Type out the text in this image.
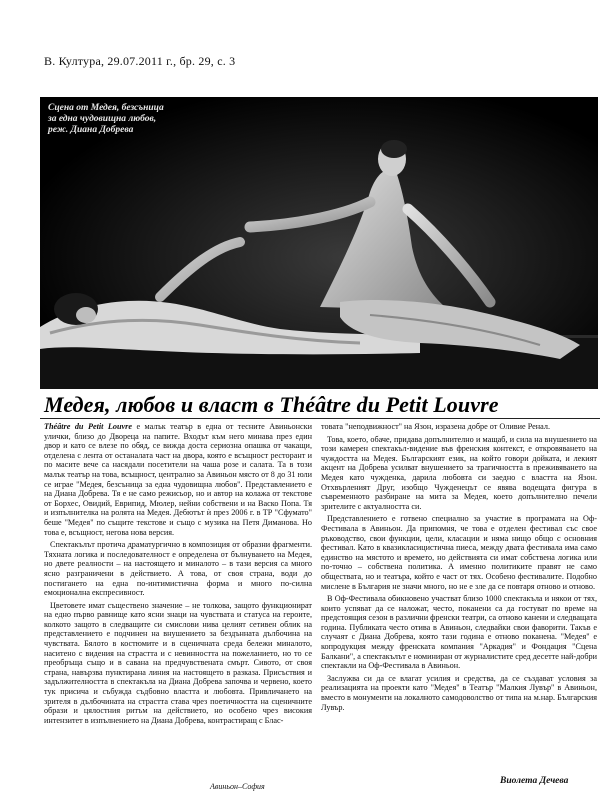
В. Култура, 29.07.2011 г., бр. 29, с. 3
Сцена от Медея, безсъница
за една чудовищна любов,
реж. Диана Добрева
Медея, любов и власт в Théâtre du Petit Louvre

Théâtre du Petit Louvre е малък театър в една от тесните Авиньонски улички, близо до Двореца на папите. Входът към него минава през един двор и като се влезе по обяд, се вижда доста сериозна опашка от чакащи, отделена с лента от останалата част на двора, която е всъщност ресторант и по масите вече са насядали посетители на чаша розе и салата. Та в този малък театър на това, всъщност, централно за Авиньон място от 8 до 31 юли се играе "Медея, безсъница за една чудовищна любов". Представлението е на Диана Добрева. Тя е не само режисьор, но и автор на колажа от текстове от Борхес, Овидий, Еврипид, Мюлер, нейни собствени и на Васко Попа. Тя и изпълнителка на ролята на Медея. Дебютът ѝ през 2006 г. в ТР "Сфумато" беше "Медея" по същите текстове и също с музика на Петя Диманова. Но това е, всъщност, негова нова версия.

Спектакълът протича драматургично в композиция от образни фрагменти. Тяхната логика и последователност е определена от бълнуването на Медея, но двете реалности – на настоящето и миналото – в тази версия са много ясно разграничени в действието. А това, от своя страна, води до постигането на една по-интимистична форма и много по-силна емоционална експресивност.

Цветовете имат съществено значение – не толкова, защото функционират на едно първо равнище като ясни знаци на чувствата и статуса на героите, колкото защото в следващите си смислови нива целият сетивен облик на представлението е подчинен на внушението за бездънната дълбочина на чувствата. Бялото в костюмите и в сценичната среда бележи миналото, наситено с видения на страстта и с невинността на пожеланието, но то се преобръща също и в савана на предчувствената смърт. Сивото, от своя страна, навързва пунктирана линия на настоящето в разказа. Присъствия и задължителността в спектакъла на Диана Добрева започва и червено, което тук присича и събужда съдбовно властта и любовта. Привличането на зрителя в дълбочината на страстта става чрез поетичността на сценичните образи и цялостния ритъм на действието, но особено чрез високия интензитет в изпълнението на Диана Добрева, контрастиращ с Блас-

товата "неподвижност" на Язон, изразена добре от Оливие Ренал.

Това, което, обаче, придава допълнително и мащаб, и сила на внушението на този камерен спектакъл-видение във френския контекст, е откровяването на чуждостта на Медея. Българският език, на който говори дойката, и лекият акцент на Добрева усилват внушението за трагичността в преживяването на Медея като чужденка, дарила любовта си заедно с властта на Язон. Отхвърленият Друг, изобщо Чужденецът се явява водещата фигура в съвременното разбиране на мита за Медея, което допълнително печели зрителите с актуалността си.

Представлението е готвено специално за участие в програмата на Оф-Фестивала в Авиньон. Да припомня, че това е отделен фестивал със свое ръководство, свои функции, цели, класации и няма нищо общо с основния фестивал. Като в квазикласицистична пиеса, между двата фестивала има само единство на мястото и времето, но действията си имат собствена логика или по-точно – собствена политика. А именно политиките правят не само обществата, но и театъра, който е част от тях. Особено фестивалите. Подобно мислене в България не значи много, но не е зле да се повтаря отново и отново.

В Оф-Фестивала обикновено участват близо 1000 спектакъла и някои от тях, които успяват да се наложат, често, поканени са да гостуват по време на предстоящия сезон в различни френски театри, са отново канени и следващата година. Публиката често отива в Авиньон, следвайки свои фаворити. Такъв е случаят с Диана Добрева, която тази година е отново поканена. "Медея" е копродукция между френската компания "Аркадия" и Фондация "Сцена Балкани", а спектакълът е номиниран от журналистите сред десетте най-добри спектакли на Оф-Фестивала в Авиньон.

Заслужва си да се влагат усилия и средства, да се създават условия за реализацията на проекти като "Медея" в Театър "Малкия Лувър" в Авиньон, вместо в монументи на локалното самодоволство от типа на м.нар. Българския Лувър.

Авиньон–София
Виолета Дечева
